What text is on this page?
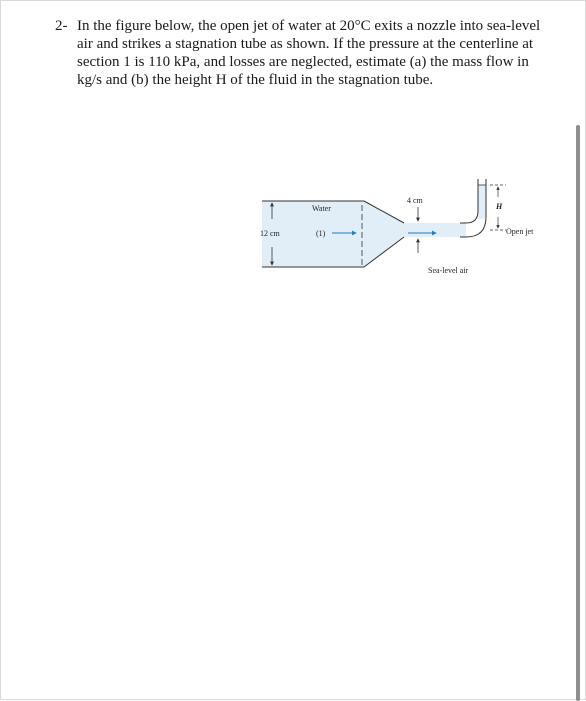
2- In the figure below, the open jet of water at 20°C exits a nozzle into sea-level air and strikes a stagnation tube as shown. If the pressure at the centerline at section 1 is 110 kPa, and losses are neglected, estimate (a) the mass flow in kg/s and (b) the height H of the fluid in the stagnation tube.
Water
(1)
12 cm
4 cm
H
Open jet
Sea-level air
